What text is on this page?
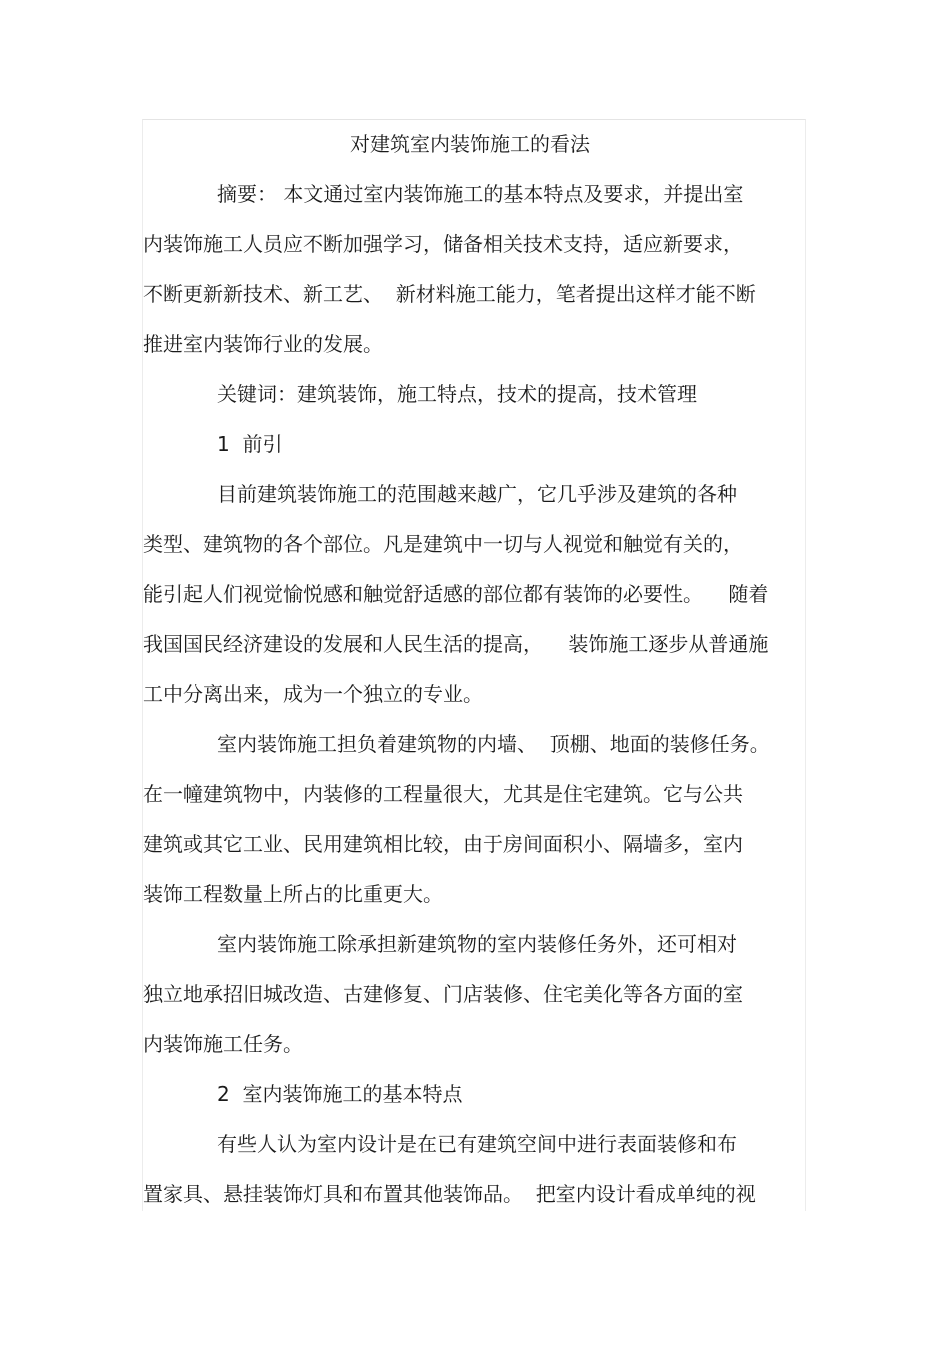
对建筑室内装饰施工的看法
摘要： 本文通过室内装饰施工的基本特点及要求，并提出室
内装饰施工人员应不断加强学习，储备相关技术支持，适应新要求，
不断更新新技术、新工艺、  新材料施工能力，笔者提出这样才能不断
推进室内装饰行业的发展。
关键词：建筑装饰，施工特点，技术的提高，技术管理
1  前引
目前建筑装饰施工的范围越来越广，它几乎涉及建筑的各种
类型、建筑物的各个部位。凡是建筑中一切与人视觉和触觉有关的，
能引起人们视觉愉悦感和触觉舒适感的部位都有装饰的必要性。    随着
我国国民经济建设的发展和人民生活的提高，    装饰施工逐步从普通施
工中分离出来，成为一个独立的专业。
室内装饰施工担负着建筑物的内墙、  顶棚、地面的装修任务。
在一幢建筑物中，内装修的工程量很大，尤其是住宅建筑。它与公共
建筑或其它工业、民用建筑相比较，由于房间面积小、隔墙多，室内
装饰工程数量上所占的比重更大。
室内装饰施工除承担新建筑物的室内装修任务外，还可相对
独立地承招旧城改造、古建修复、门店装修、住宅美化等各方面的室
内装饰施工任务。
2  室内装饰施工的基本特点
有些人认为室内设计是在已有建筑空间中进行表面装修和布
置家具、悬挂装饰灯具和布置其他装饰品。  把室内设计看成单纯的视
